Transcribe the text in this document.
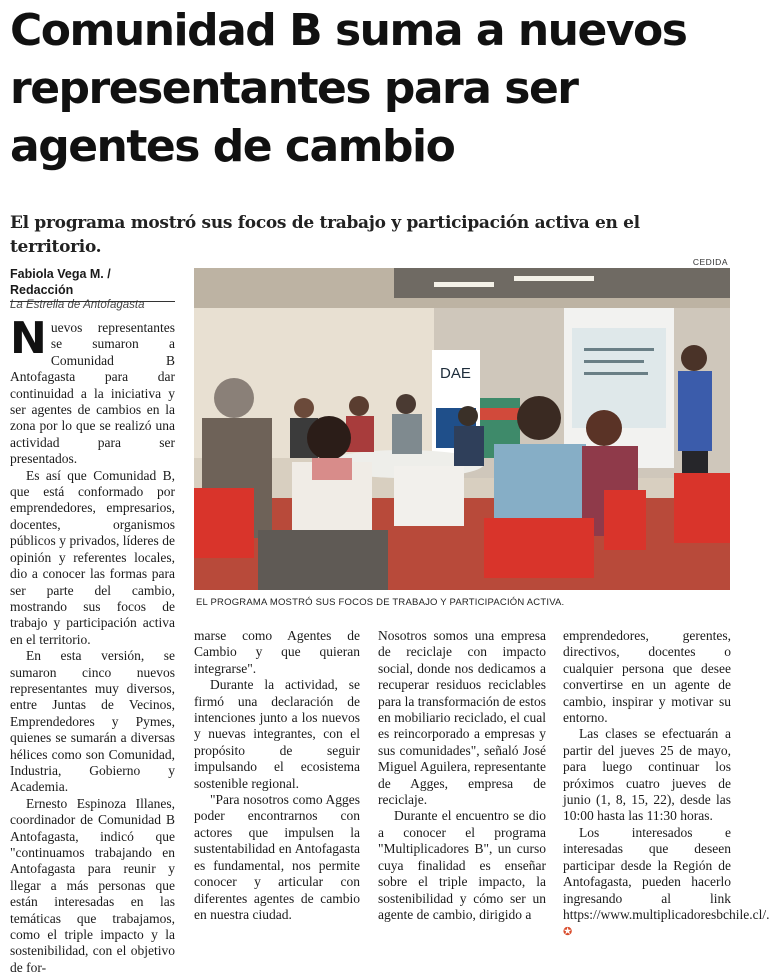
Comunidad B suma a nuevos representantes para ser agentes de cambio
El programa mostró sus focos de trabajo y participación activa en el territorio.
Fabiola Vega M. / Redacción
La Estrella de Antofagasta
CEDIDA
DAE
EL PROGRAMA MOSTRÓ SUS FOCOS DE TRABAJO Y PARTICIPACIÓN ACTIVA.

Nuevos representantes se sumaron a Comunidad B Antofagasta para dar continuidad a la iniciativa y ser agentes de cambios en la zona por lo que se realizó una actividad para ser presentados.

Es así que Comunidad B, que está conformado por emprendedores, empresarios, docentes, organismos públicos y privados, líderes de opinión y referentes locales, dio a conocer las formas para ser parte del cambio, mostrando sus focos de trabajo y participación activa en el territorio.

En esta versión, se sumaron cinco nuevos representantes muy diversos, entre Juntas de Vecinos, Emprendedores y Pymes, quienes se sumarán a diversas hélices como son Comunidad, Industria, Gobierno y Academia.

Ernesto Espinoza Illanes, coordinador de Comunidad B Antofagasta, indicó que "continuamos trabajando en Antofagasta para reunir y llegar a más personas que están interesadas en las temáticas que trabajamos, como el triple impacto y la sostenibilidad, con el objetivo de for-

marse como Agentes de Cambio y que quieran integrarse".

Durante la actividad, se firmó una declaración de intenciones junto a los nuevos y nuevas integrantes, con el propósito de seguir impulsando el ecosistema sostenible regional.

"Para nosotros como Agges poder encontrarnos con actores que impulsen la sustentabilidad en Antofagasta es fundamental, nos permite conocer y articular con diferentes agentes de cambio en nuestra ciudad.

Nosotros somos una empresa de reciclaje con impacto social, donde nos dedicamos a recuperar residuos reciclables para la transformación de estos en mobiliario reciclado, el cual es reincorporado a empresas y sus comunidades", señaló José Miguel Aguilera, representante de Agges, empresa de reciclaje.

Durante el encuentro se dio a conocer el programa "Multiplicadores B", un curso cuya finalidad es enseñar sobre el triple impacto, la sostenibilidad y cómo ser un agente de cambio, dirigido a

emprendedores, gerentes, directivos, docentes o cualquier persona que desee convertirse en un agente de cambio, inspirar y motivar su entorno.

Las clases se efectuarán a partir del jueves 25 de mayo, para luego continuar los próximos cuatro jueves de junio (1, 8, 15, 22), desde las 10:00 hasta las 11:30 horas.

Los interesados e interesadas que deseen participar desde la Región de Antofagasta, pueden hacerlo ingresando al link https://www.multiplicadoresbchile.cl/. ✪
